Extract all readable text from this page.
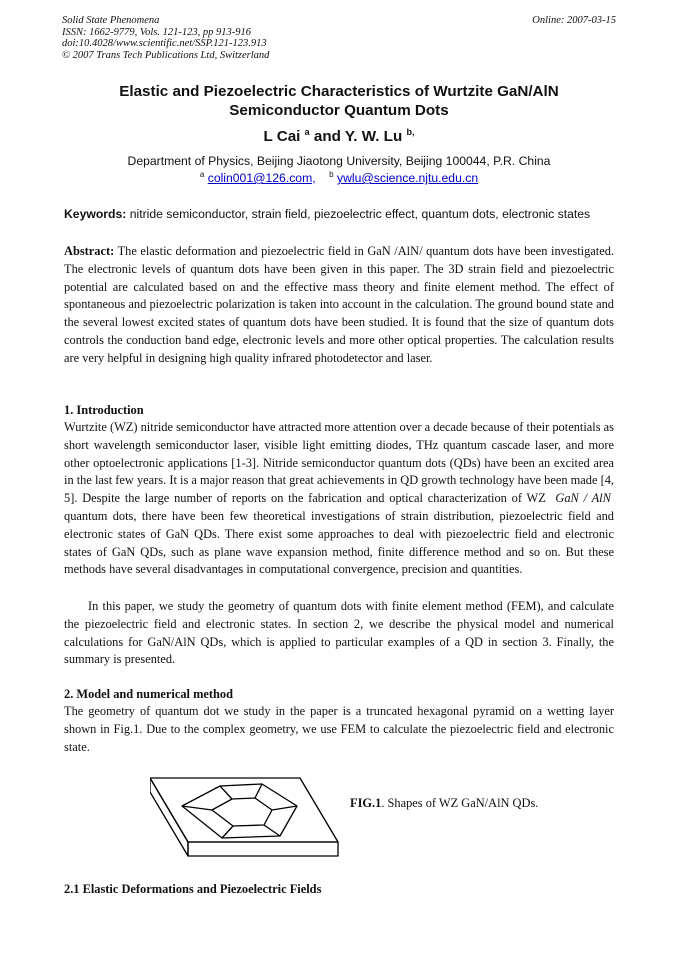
Solid State Phenomena
ISSN: 1662-9779, Vols. 121-123, pp 913-916
doi:10.4028/www.scientific.net/SSP.121-123.913
© 2007 Trans Tech Publications Ltd, Switzerland
Online: 2007-03-15
Elastic and Piezoelectric Characteristics of Wurtzite GaN/AlN
Semiconductor Quantum Dots
L Cai $^a$ and Y. W. Lu $^{b,}$
Department of Physics, Beijing Jiaotong University, Beijing 100044, P.R. China
$^a$ colin001@126.com, $^b$ ywlu@science.njtu.edu.cn
Keywords: nitride semiconductor, strain field, piezoelectric effect, quantum dots, electronic states
Abstract: The elastic deformation and piezoelectric field in GaN /AlN/ quantum dots have been investigated. The electronic levels of quantum dots have been given in this paper. The 3D strain field and piezoelectric potential are calculated based on and the effective mass theory and finite element method. The effect of spontaneous and piezoelectric polarization is taken into account in the calculation. The ground bound state and the several lowest excited states of quantum dots have been studied. It is found that the size of quantum dots controls the conduction band edge, electronic levels and more other optical properties. The calculation results are very helpful in designing high quality infrared photodetector and laser.
1. Introduction
Wurtzite (WZ) nitride semiconductor have attracted more attention over a decade because of their potentials as short wavelength semiconductor laser, visible light emitting diodes, THz quantum cascade laser, and more other optoelectronic applications [1-3]. Nitride semiconductor quantum dots (QDs) have been an excited area in the last few years. It is a major reason that great achievements in QD growth technology have been made [4, 5]. Despite the large number of reports on the fabrication and optical characterization of WZ GaN / AlN  quantum dots, there have been few theoretical investigations of strain distribution, piezoelectric field and electronic states of GaN QDs. There exist some approaches to deal with piezoelectric field and electronic states of GaN QDs, such as plane wave expansion method, finite difference method and so on. But these methods have several disadvantages in computational convergence, precision and quantities.
In this paper, we study the geometry of quantum dots with finite element method (FEM), and calculate the piezoelectric field and electronic states. In section 2, we describe the physical model and numerical calculations for GaN/AlN QDs, which is applied to particular examples of a QD in section 3. Finally, the summary is presented.
2. Model and numerical method
The geometry of quantum dot we study in the paper is a truncated hexagonal pyramid on a wetting layer shown in Fig.1. Due to the complex geometry, we use FEM to calculate the piezoelectric field and electronic state.
FIG.1. Shapes of WZ GaN/AlN QDs.
2.1 Elastic Deformations and Piezoelectric Fields
